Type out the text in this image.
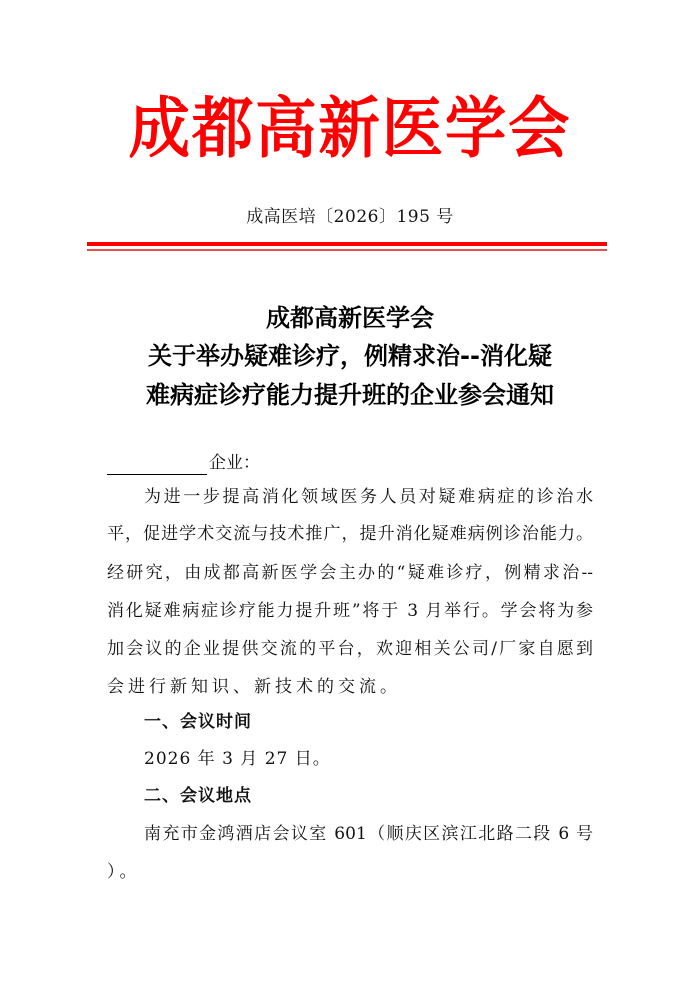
成都高新医学会
成高医培〔2026〕195 号
成都高新医学会
关于举办疑难诊疗，例精求治--消化疑
难病症诊疗能力提升班的企业参会通知
企业：
为进一步提高消化领域医务人员对疑难病症的诊治水
平，促进学术交流与技术推广，提升消化疑难病例诊治能力。
经研究，由成都高新医学会主办的“疑难诊疗，例精求治--
消化疑难病症诊疗能力提升班”将于 3 月举行。学会将为参
加会议的企业提供交流的平台，欢迎相关公司/厂家自愿到
会进行新知识、新技术的交流。
一、会议时间
2026 年 3 月 27 日。
二、会议地点
南充市金鸿酒店会议室 601（顺庆区滨江北路二段 6 号
）。
